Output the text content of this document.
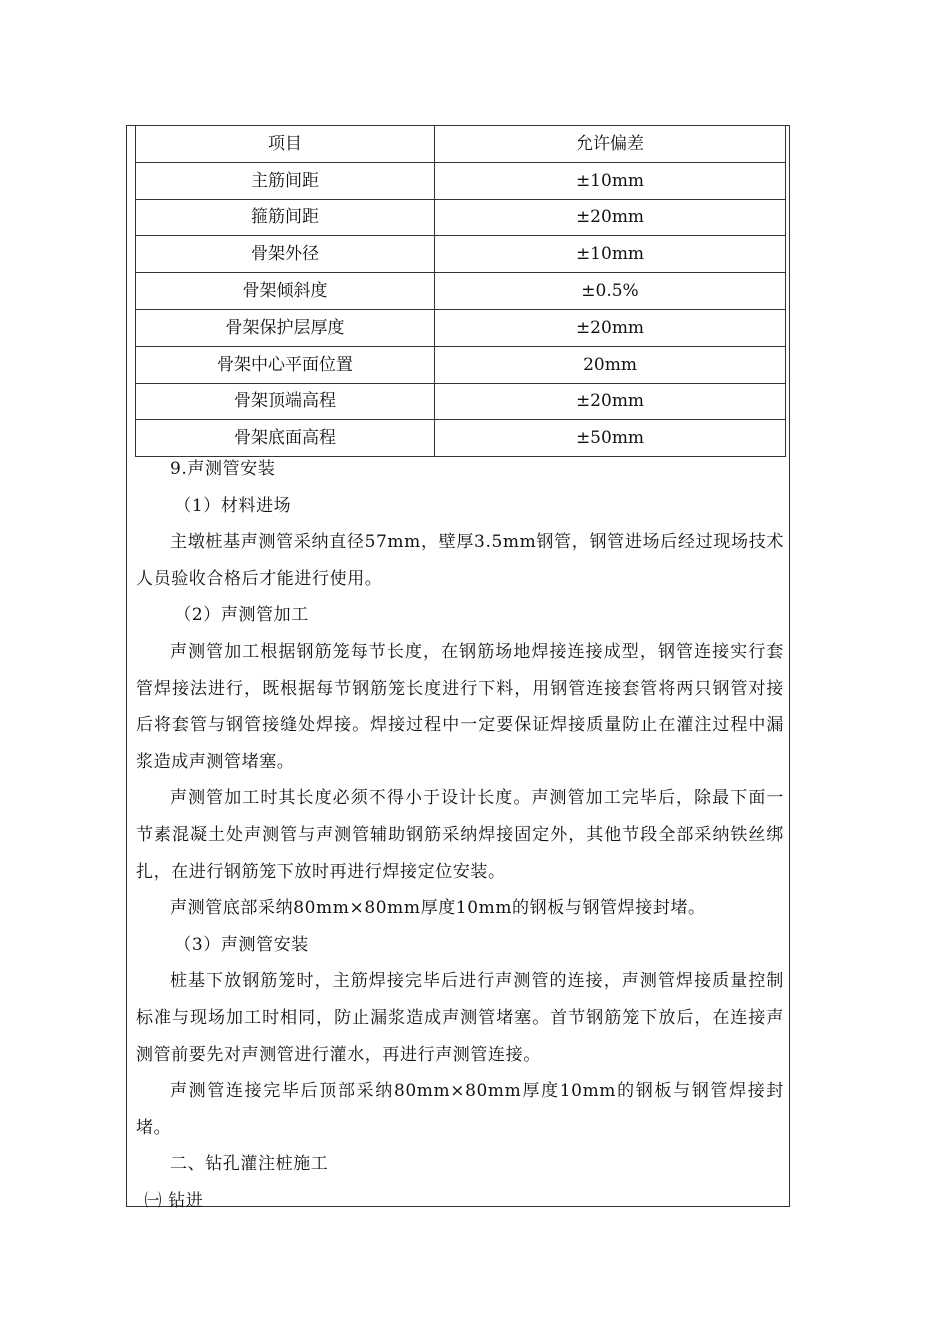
项目	允许偏差
主筋间距	±10mm
箍筋间距	±20mm
骨架外径	±10mm
骨架倾斜度	±0.5%
骨架保护层厚度	±20mm
骨架中心平面位置	20mm
骨架顶端高程	±20mm
骨架底面高程	±50mm

9.声测管安装

（1）材料进场

主墩桩基声测管采纳直径57mm，壁厚3.5mm钢管，钢管进场后经过现场技术人员验收合格后才能进行使用。

（2）声测管加工

声测管加工根据钢筋笼每节长度，在钢筋场地焊接连接成型，钢管连接实行套管焊接法进行，既根据每节钢筋笼长度进行下料，用钢管连接套管将两只钢管对接后将套管与钢管接缝处焊接。焊接过程中一定要保证焊接质量防止在灌注过程中漏浆造成声测管堵塞。

声测管加工时其长度必须不得小于设计长度。声测管加工完毕后，除最下面一节素混凝土处声测管与声测管辅助钢筋采纳焊接固定外，其他节段全部采纳铁丝绑扎，在进行钢筋笼下放时再进行焊接定位安装。

声测管底部采纳80mm×80mm厚度10mm的钢板与钢管焊接封堵。

（3）声测管安装

桩基下放钢筋笼时，主筋焊接完毕后进行声测管的连接，声测管焊接质量控制标准与现场加工时相同，防止漏浆造成声测管堵塞。首节钢筋笼下放后，在连接声测管前要先对声测管进行灌水，再进行声测管连接。

声测管连接完毕后顶部采纳80mm×80mm厚度10mm的钢板与钢管焊接封堵。

二、钻孔灌注桩施工

㈠ 钻进
